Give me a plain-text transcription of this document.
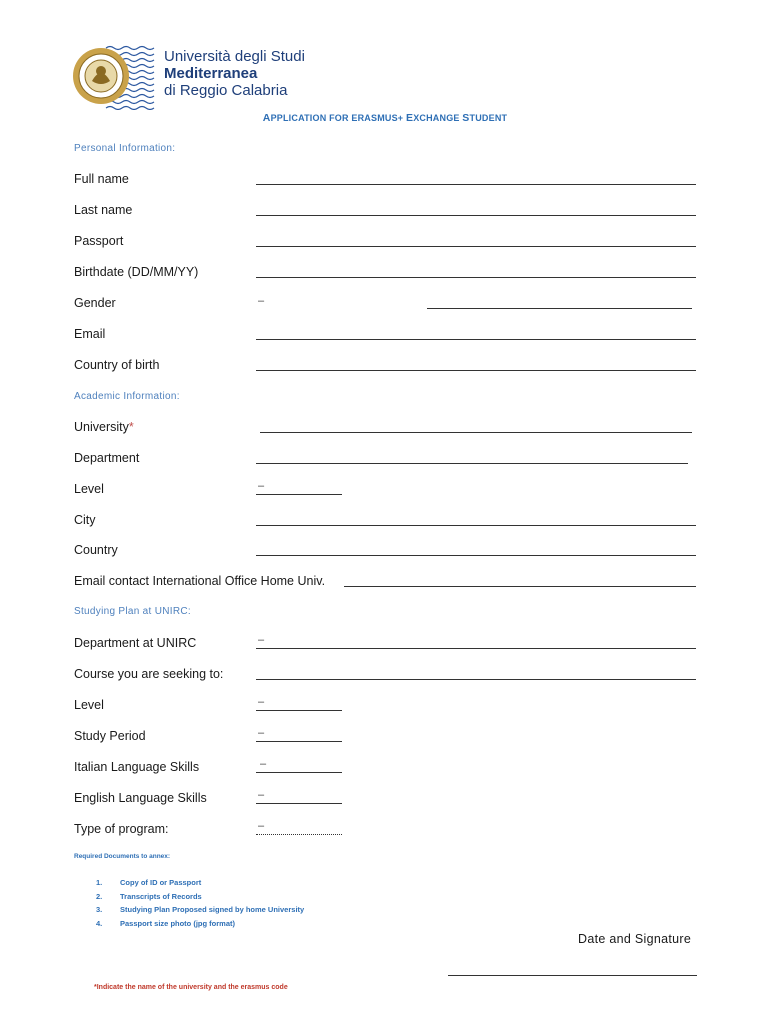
Università degli Studi
Mediterranea
di Reggio Calabria
APPLICATION FOR ERASMUS+ EXCHANGE STUDENT
Personal Information:
Full name
Last name
Passport
Birthdate (DD/MM/YY)
Gender	–
Email
Country of birth
Academic Information:
University*
Department
Level	–
City
Country
Email contact International Office Home Univ.
Studying Plan at UNIRC:
Department at UNIRC	–
Course you are seeking to:
Level	–
Study Period	–
Italian Language Skills	–
English Language Skills	–
Type of program:	–
Required Documents to annex:
1. Copy of ID or Passport
2. Transcripts of Records
3. Studying Plan Proposed signed by home University
4. Passport size photo (jpg format)
Date and Signature
*Indicate the name of the university and the erasmus code
